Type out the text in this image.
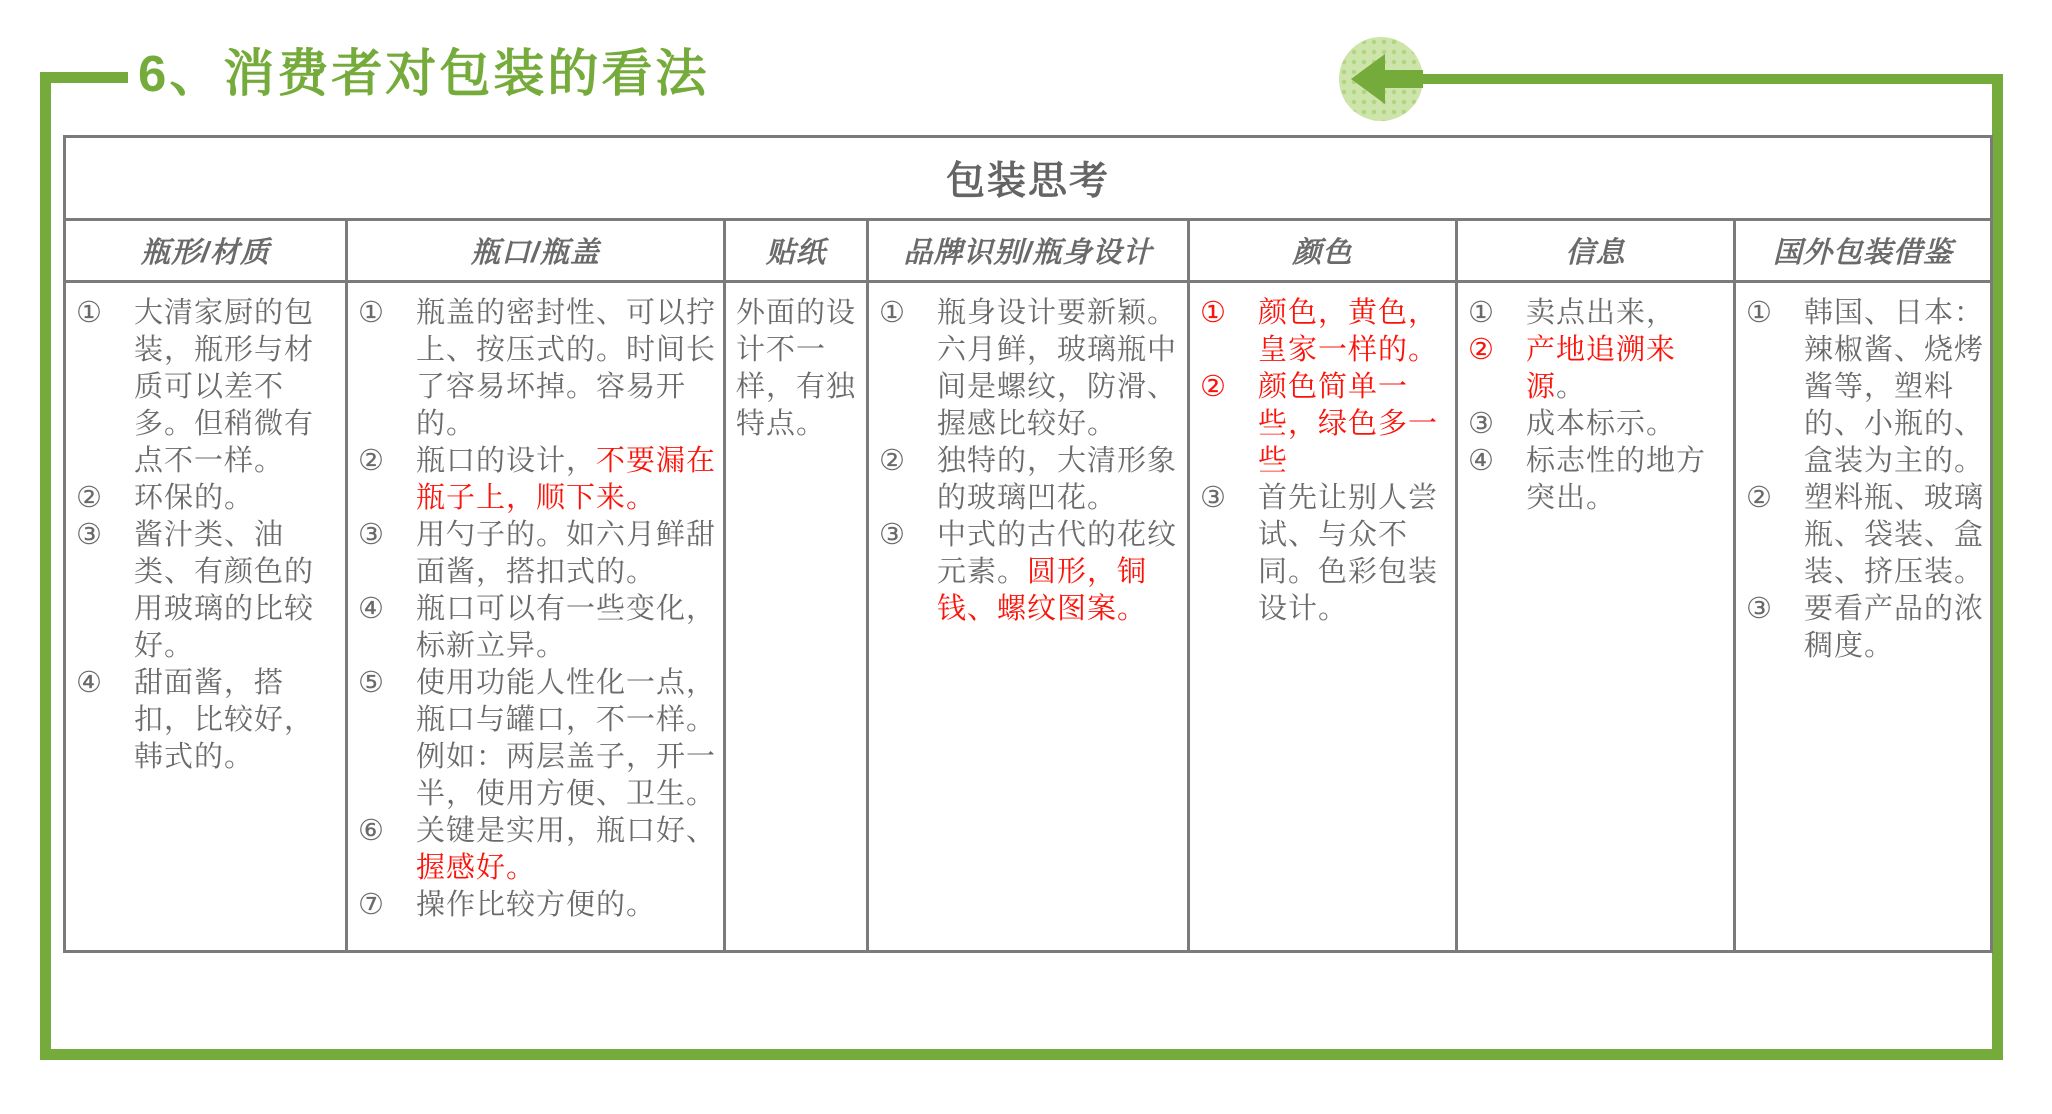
6、消费者对包装的看法
包装思考						
瓶形/材质	瓶口/瓶盖	贴纸	品牌识别/瓶身设计	颜色	信息	国外包装借鉴

①	大清家厨的包装，瓶形与材质可以差不多。但稍微有点不一样。
②	环保的。
③	酱汁类、油类、有颜色的用玻璃的比较好。
④	甜面酱，搭扣，比较好，韩式的。

①	瓶盖的密封性、可以拧上、按压式的。时间长了容易坏掉。容易开的。
②	瓶口的设计，不要漏在瓶子上，顺下来。
③	用勺子的。如六月鲜甜面酱，搭扣式的。
④	瓶口可以有一些变化，标新立异。
⑤	使用功能人性化一点，瓶口与罐口，不一样。例如：两层盖子，开一半，使用方便、卫生。
⑥	关键是实用，瓶口好、握感好。
⑦	操作比较方便的。

外面的设计不一样，有独特点。

①	瓶身设计要新颖。六月鲜，玻璃瓶中间是螺纹，防滑、握感比较好。
②	独特的，大清形象的玻璃凹花。
③	中式的古代的花纹元素。圆形，铜钱、螺纹图案。

①	颜色，黄色，皇家一样的。
②	颜色简单一些，绿色多一些
③	首先让别人尝试、与众不同。色彩包装设计。

①	卖点出来，
②	产地追溯来源。
③	成本标示。
④	标志性的地方突出。

①	韩国、日本：辣椒酱、烧烤酱等，塑料的、小瓶的、盒装为主的。
②	塑料瓶、玻璃瓶、袋装、盒装、挤压装。
③	要看产品的浓稠度。
